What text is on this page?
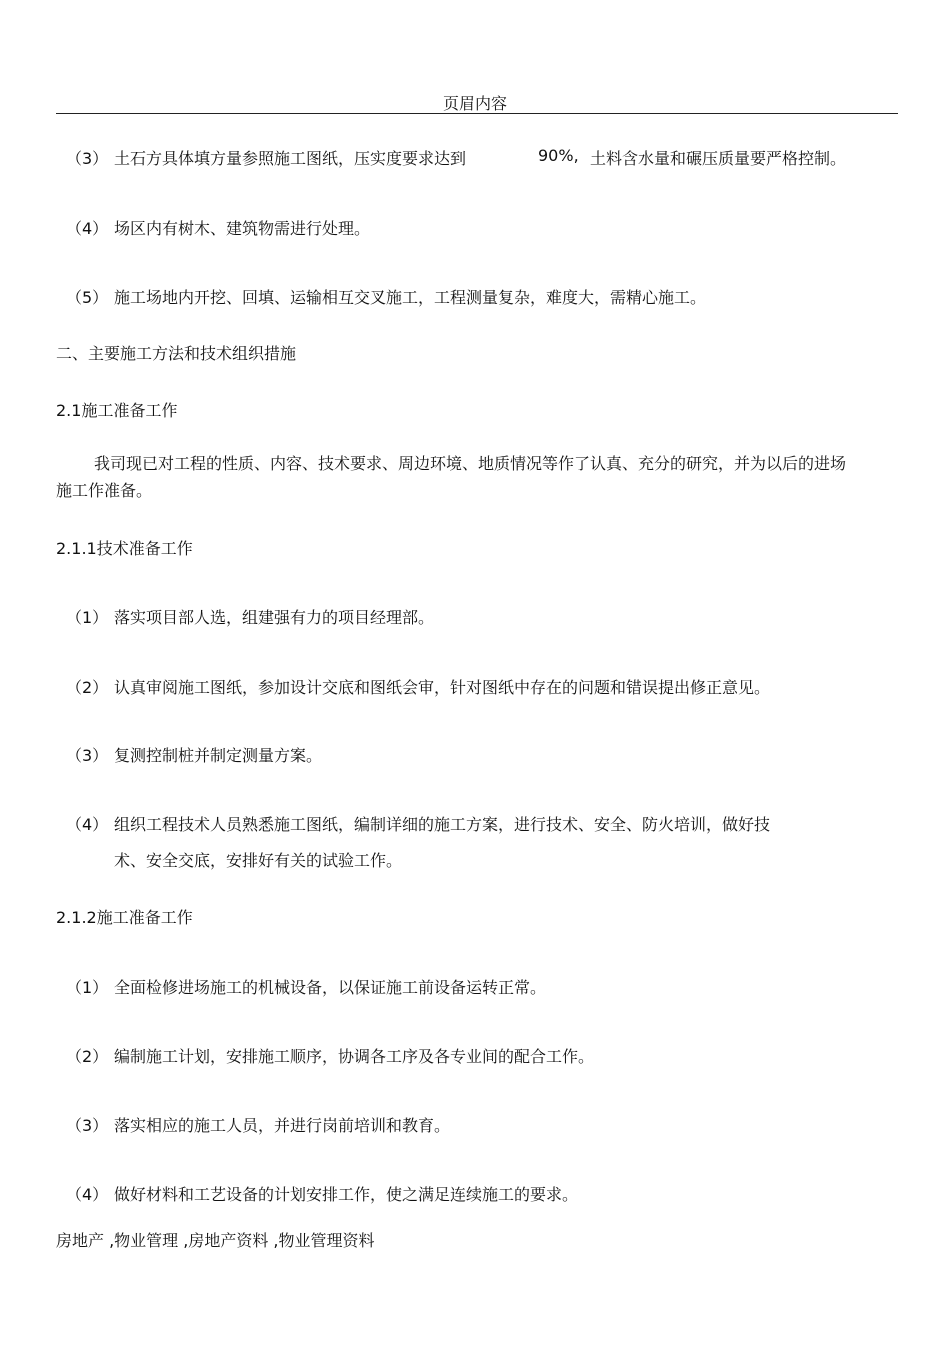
页眉内容
（3） 土石方具体填方量参照施工图纸，压实度要求达到	90%, 土料含水量和碾压质量要严格控制。
（4） 场区内有树木、建筑物需进行处理。
（5） 施工场地内开挖、回填、运输相互交叉施工，工程测量复杂，难度大，需精心施工。
二、主要施工方法和技术组织措施
2.1施工准备工作
我司现已对工程的性质、内容、技术要求、周边环境、地质情况等作了认真、充分的研究，并为以后的进场施工作准备。
2.1.1技术准备工作
（1） 落实项目部人选，组建强有力的项目经理部。
（2） 认真审阅施工图纸，参加设计交底和图纸会审，针对图纸中存在的问题和错误提出修正意见。
（3） 复测控制桩并制定测量方案。
（4） 组织工程技术人员熟悉施工图纸，编制详细的施工方案，进行技术、安全、防火培训，做好技
术、安全交底，安排好有关的试验工作。
2.1.2施工准备工作
（1） 全面检修进场施工的机械设备，以保证施工前设备运转正常。
（2） 编制施工计划，安排施工顺序，协调各工序及各专业间的配合工作。
（3） 落实相应的施工人员，并进行岗前培训和教育。
（4） 做好材料和工艺设备的计划安排工作，使之满足连续施工的要求。
房地产 ,物业管理 ,房地产资料 ,物业管理资料
